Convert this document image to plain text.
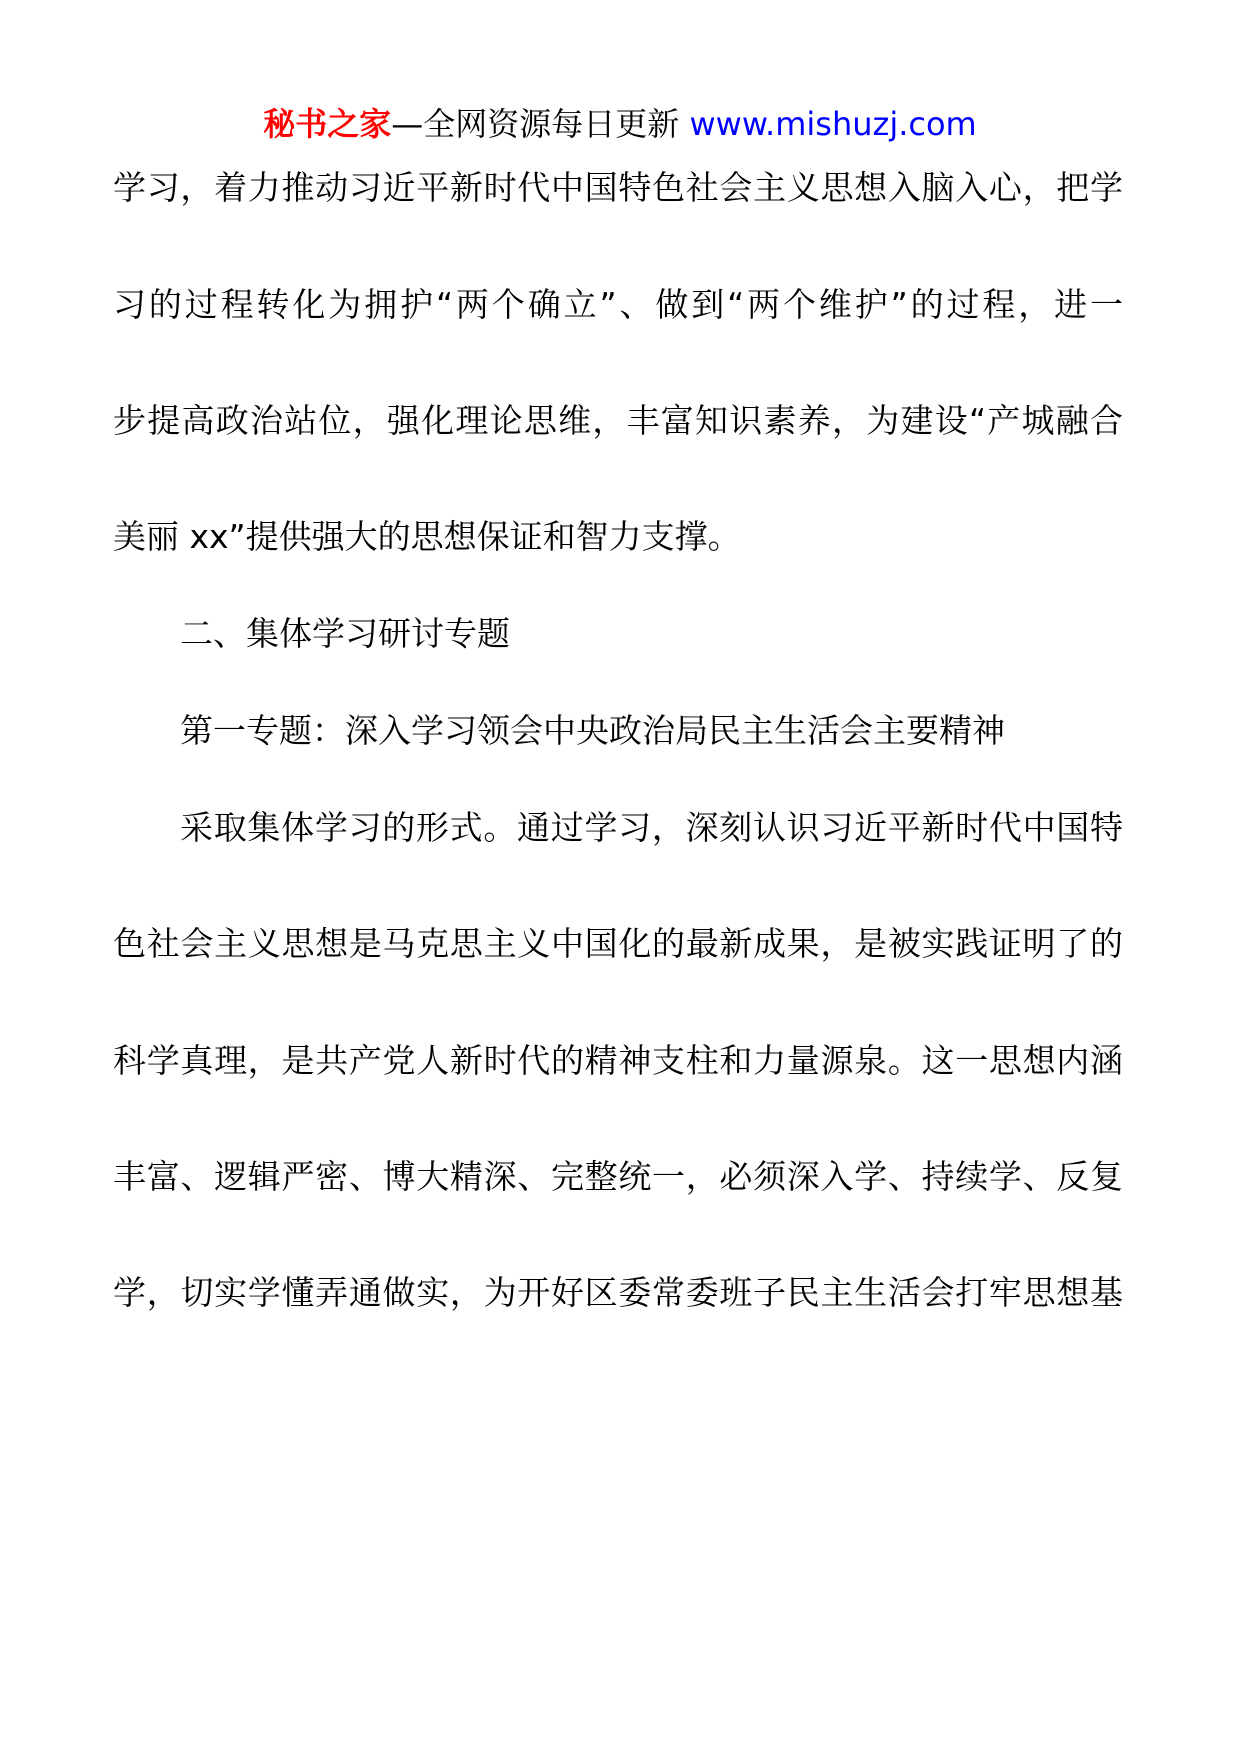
秘书之家—全网资源每日更新 www.mishuzj.com
学习，着力推动习近平新时代中国特色社会主义思想入脑入心，把学
习的过程转化为拥护“两个确立”、做到“两个维护”的过程，进一
步提高政治站位，强化理论思维，丰富知识素养，为建设“产城融合
美丽 xx”提供强大的思想保证和智力支撑。
二、集体学习研讨专题
第一专题：深入学习领会中央政治局民主生活会主要精神
采取集体学习的形式。通过学习，深刻认识习近平新时代中国特
色社会主义思想是马克思主义中国化的最新成果，是被实践证明了的
科学真理，是共产党人新时代的精神支柱和力量源泉。这一思想内涵
丰富、逻辑严密、博大精深、完整统一，必须深入学、持续学、反复
学，切实学懂弄通做实，为开好区委常委班子民主生活会打牢思想基
